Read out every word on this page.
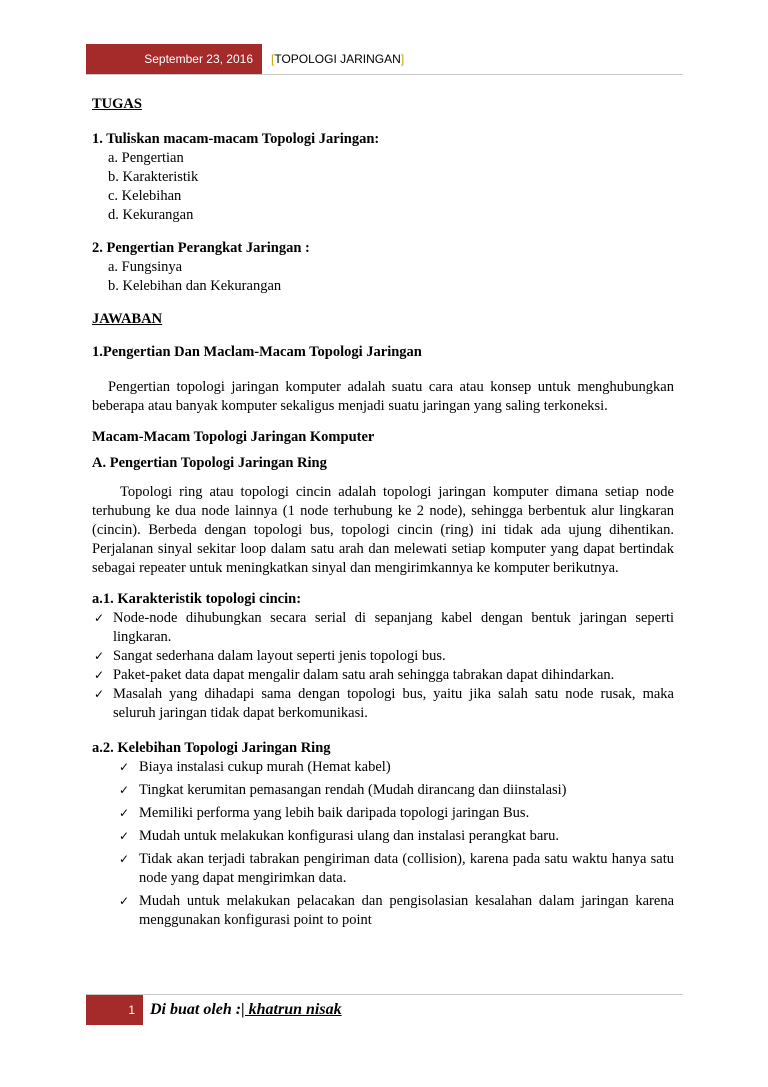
September 23, 2016	[TOPOLOGI JARINGAN]
TUGAS
1. Tuliskan macam-macam Topologi Jaringan:
a. Pengertian
b. Karakteristik
c. Kelebihan
d. Kekurangan
2. Pengertian Perangkat Jaringan :
a. Fungsinya
b. Kelebihan dan Kekurangan
JAWABAN
1.Pengertian Dan Maclam-Macam Topologi Jaringan
Pengertian topologi jaringan komputer adalah suatu cara atau konsep untuk menghubungkan beberapa atau banyak komputer sekaligus menjadi suatu jaringan yang saling terkoneksi.
Macam-Macam Topologi Jaringan Komputer
A. Pengertian Topologi Jaringan Ring
Topologi ring atau topologi cincin adalah topologi jaringan komputer dimana setiap node terhubung ke dua node lainnya (1 node terhubung ke 2 node), sehingga berbentuk alur lingkaran (cincin). Berbeda dengan topologi bus, topologi cincin (ring) ini tidak ada ujung dihentikan. Perjalanan sinyal sekitar loop dalam satu arah dan melewati setiap komputer yang dapat bertindak sebagai repeater untuk meningkatkan sinyal dan mengirimkannya ke komputer berikutnya.
a.1. Karakteristik topologi cincin:
✓ Node-node dihubungkan secara serial di sepanjang kabel dengan bentuk jaringan seperti lingkaran.
✓ Sangat sederhana dalam layout seperti jenis topologi bus.
✓ Paket-paket data dapat mengalir dalam satu arah sehingga tabrakan dapat dihindarkan.
✓ Masalah yang dihadapi sama dengan topologi bus, yaitu jika salah satu node rusak, maka seluruh jaringan tidak dapat berkomunikasi.
a.2. Kelebihan Topologi Jaringan Ring
✓ Biaya instalasi cukup murah (Hemat kabel)
✓ Tingkat kerumitan pemasangan rendah (Mudah dirancang dan diinstalasi)
✓ Memiliki performa yang lebih baik daripada topologi jaringan Bus.
✓ Mudah untuk melakukan konfigurasi ulang dan instalasi perangkat baru.
✓ Tidak akan terjadi tabrakan pengiriman data (collision), karena pada satu waktu hanya satu node yang dapat mengirimkan data.
✓ Mudah untuk melakukan pelacakan dan pengisolasian kesalahan dalam jaringan karena menggunakan konfigurasi point to point
1 Di buat oleh :| khatrun nisak
